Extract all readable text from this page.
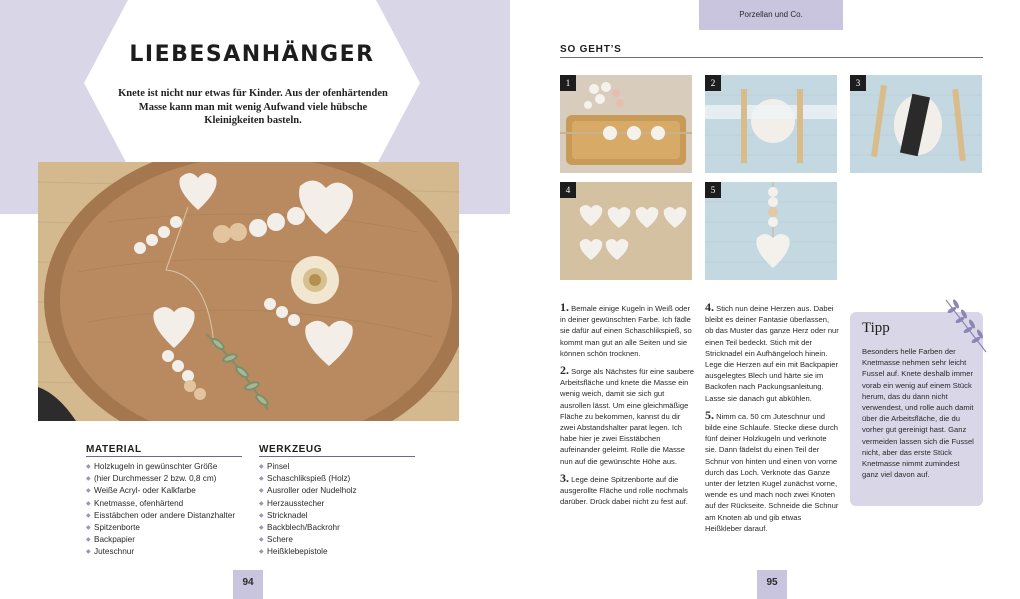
LIEBESANHÄNGER
Knete ist nicht nur etwas für Kinder. Aus der ofenhärtenden Masse kann man mit wenig Aufwand viele hübsche Kleinigkeiten basteln.
MATERIAL
◆ Holzkugeln in gewünschter Größe
◆ (hier Durchmesser 2 bzw. 0,8 cm)
◆ Weiße Acryl- oder Kalkfarbe
◆ Knetmasse, ofenhärtend
◆ Eisstäbchen oder andere Distanzhalter
◆ Spitzenborte
◆ Backpapier
◆ Juteschnur
WERKZEUG
◆ Pinsel
◆ Schaschlikspieß (Holz)
◆ Ausroller oder Nudelholz
◆ Herzausstecher
◆ Stricknadel
◆ Backblech/Backrohr
◆ Schere
◆ Heißklebepistole
94
Porzellan und Co.
SO GEHT’S
1	2	3
4	5

1. Bemale einige Kugeln in Weiß oder in deiner gewünschten Farbe. Ich fädle sie dafür auf einen Schaschlikspieß, so kommt man gut an alle Seiten und sie können schön trocknen.

2. Sorge als Nächstes für eine saubere Arbeitsfläche und knete die Masse ein wenig weich, damit sie sich gut ausrollen lässt. Um eine gleichmäßige Fläche zu bekommen, kannst du dir zwei Abstandshalter parat legen. Ich habe hier je zwei Eisstäbchen aufeinander geleimt. Rolle die Masse nun auf die gewünschte Höhe aus.

3. Lege deine Spitzenborte auf die ausgerollte Fläche und rolle nochmals darüber. Drück dabei nicht zu fest auf.

4. Stich nun deine Herzen aus. Dabei bleibt es deiner Fantasie überlassen, ob das Muster das ganze Herz oder nur einen Teil bedeckt. Stich mit der Stricknadel ein Aufhängeloch hinein. Lege die Herzen auf ein mit Backpapier ausgelegtes Blech und härte sie im Backofen nach Packungsanleitung. Lasse sie danach gut abkühlen.

5. Nimm ca. 50 cm Juteschnur und bilde eine Schlaufe. Stecke diese durch fünf deiner Holzkugeln und verknote sie. Dann fädelst du einen Teil der Schnur von hinten und einen von vorne durch das Loch. Verknote das Ganze unter der letzten Kugel zunächst vorne, wende es und mach noch zwei Knoten auf der Rückseite. Schneide die Schnur am Knoten ab und gib etwas Heißkleber darauf.

Tipp
Besonders helle Farben der Knetmasse nehmen sehr leicht Fussel auf. Knete deshalb immer vorab ein wenig auf einem Stück herum, das du dann nicht verwendest, und rolle auch damit über die Arbeitsfläche, die du vorher gut gereinigt hast. Ganz vermeiden lassen sich die Fussel nicht, aber das erste Stück Knetmasse nimmt zumindest ganz viel davon auf.
95
